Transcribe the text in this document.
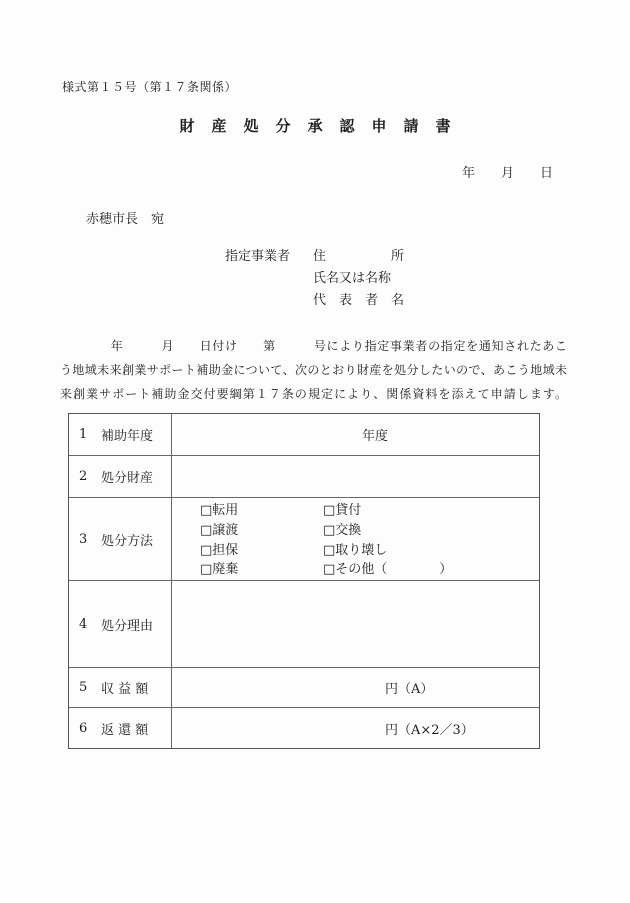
様式第１５号（第１７条関係）
財産処分承認申請書
年　　月　　日
赤穂市長　宛
指定事業者 住　　　　　所
氏名又は名称
代　表　者　名
　　　　年　　　月　　日付け　　第　　　号により指定事業者の指定を通知されたあこ
う地域未来創業サポート補助金について、次のとおり財産を処分したいので、あこう地域未
来創業サポート補助金交付要綱第１７条の規定により、関係資料を添えて申請します。
1	補助年度	年度
2	処分財産
3	処分方法
□転用	□貸付
□譲渡	□交換
□担保	□取り壊し
□廃棄	□その他（　　　　）
4	処分理由
5	収 益 額	円（A）
6	返 還 額	円（A×2／3）
